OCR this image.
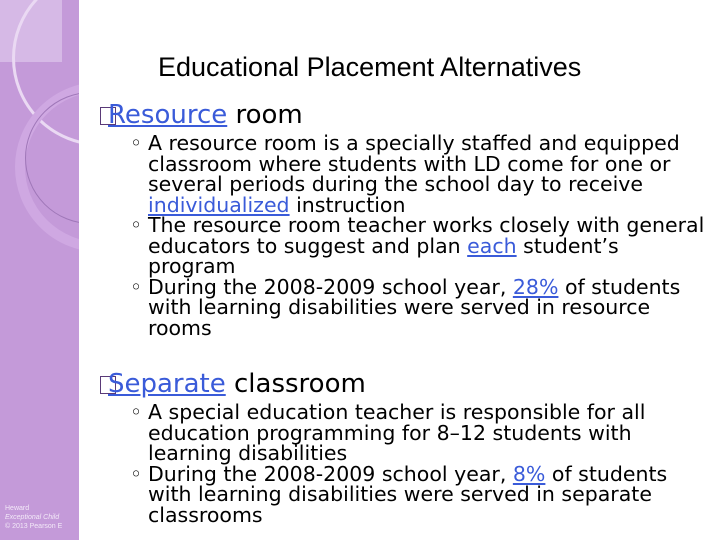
Heward
Exceptional Child
© 2013 Pearson E
Educational Placement Alternatives
Resource room
◦ A resource room is a specially staffed and equipped classroom where students with LD come for one or several periods during the school day to receive individualized instruction
◦ The resource room teacher works closely with general educators to suggest and plan each student’s program
◦ During the 2008-2009 school year, 28% of students with learning disabilities were served in resource rooms
Separate classroom
◦ A special education teacher is responsible for all education programming for 8–12 students with learning disabilities
◦ During the 2008-2009 school year, 8% of students with learning disabilities were served in separate classrooms
